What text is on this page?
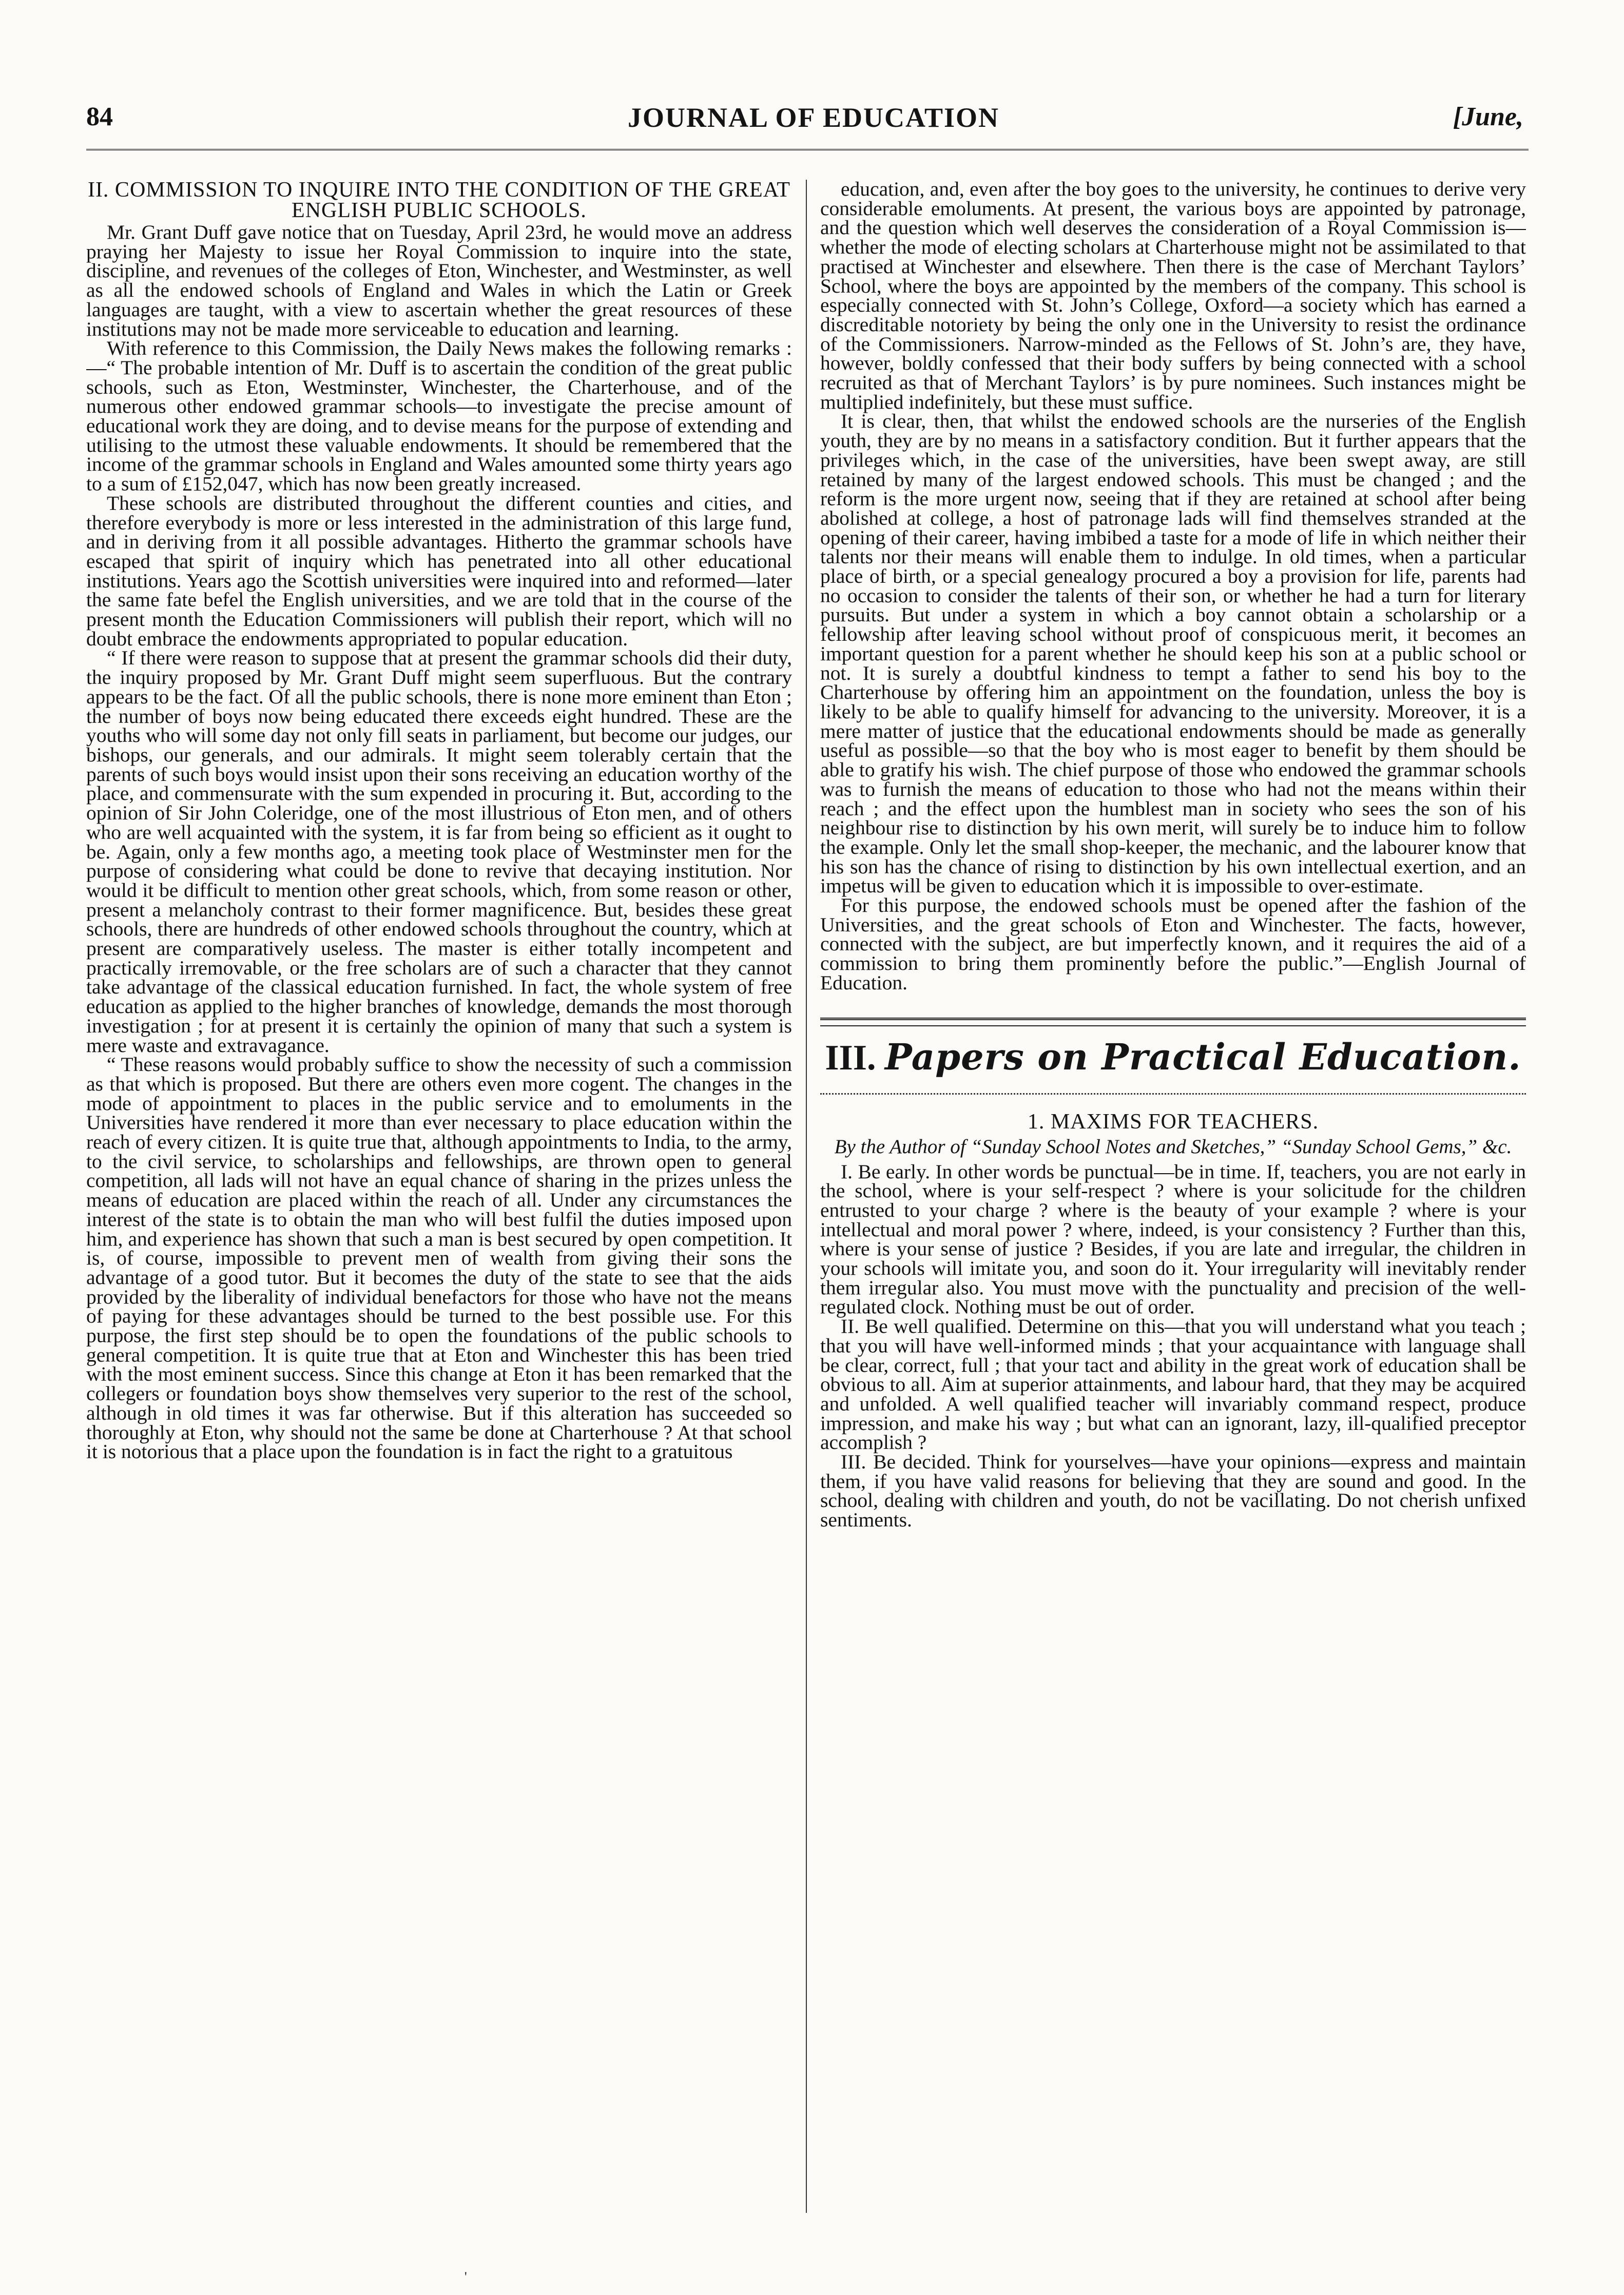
84	JOURNAL OF EDUCATION	[June,
II. COMMISSION TO INQUIRE INTO THE CONDITION OF THE GREAT ENGLISH PUBLIC SCHOOLS.

Mr. Grant Duff gave notice that on Tuesday, April 23rd, he would move an address praying her Majesty to issue her Royal Commission to inquire into the state, discipline, and revenues of the colleges of Eton, Winchester, and Westminster, as well as all the endowed schools of England and Wales in which the Latin or Greek languages are taught, with a view to ascertain whether the great resources of these institutions may not be made more serviceable to education and learning.

With reference to this Commission, the Daily News makes the following remarks :—“ The probable intention of Mr. Duff is to ascertain the condition of the great public schools, such as Eton, Westminster, Winchester, the Charterhouse, and of the numerous other endowed grammar schools—to investigate the precise amount of educational work they are doing, and to devise means for the purpose of extending and utilising to the utmost these valuable endowments. It should be remembered that the income of the grammar schools in England and Wales amounted some thirty years ago to a sum of £152,047, which has now been greatly increased.

These schools are distributed throughout the different counties and cities, and therefore everybody is more or less interested in the administration of this large fund, and in deriving from it all possible advantages. Hitherto the grammar schools have escaped that spirit of inquiry which has penetrated into all other educational institutions. Years ago the Scottish universities were inquired into and reformed—later the same fate befel the English universities, and we are told that in the course of the present month the Education Commissioners will publish their report, which will no doubt embrace the endowments appropriated to popular education.

“ If there were reason to suppose that at present the grammar schools did their duty, the inquiry proposed by Mr. Grant Duff might seem superfluous. But the contrary appears to be the fact. Of all the public schools, there is none more eminent than Eton ; the number of boys now being educated there exceeds eight hundred. These are the youths who will some day not only fill seats in parliament, but become our judges, our bishops, our generals, and our admirals. It might seem tolerably certain that the parents of such boys would insist upon their sons receiving an education worthy of the place, and commensurate with the sum expended in procuring it. But, according to the opinion of Sir John Coleridge, one of the most illustrious of Eton men, and of others who are well acquainted with the system, it is far from being so efficient as it ought to be. Again, only a few months ago, a meeting took place of Westminster men for the purpose of considering what could be done to revive that decaying institution. Nor would it be difficult to mention other great schools, which, from some reason or other, present a melancholy contrast to their former magnificence. But, besides these great schools, there are hundreds of other endowed schools throughout the country, which at present are comparatively useless. The master is either totally incompetent and practically irremovable, or the free scholars are of such a character that they cannot take advantage of the classical education furnished. In fact, the whole system of free education as applied to the higher branches of knowledge, demands the most thorough investigation ; for at present it is certainly the opinion of many that such a system is mere waste and extravagance.

“ These reasons would probably suffice to show the necessity of such a commission as that which is proposed. But there are others even more cogent. The changes in the mode of appointment to places in the public service and to emoluments in the Universities have rendered it more than ever necessary to place education within the reach of every citizen. It is quite true that, although appointments to India, to the army, to the civil service, to scholarships and fellowships, are thrown open to general competition, all lads will not have an equal chance of sharing in the prizes unless the means of education are placed within the reach of all. Under any circumstances the interest of the state is to obtain the man who will best fulfil the duties imposed upon him, and experience has shown that such a man is best secured by open competition. It is, of course, impossible to prevent men of wealth from giving their sons the advantage of a good tutor. But it becomes the duty of the state to see that the aids provided by the liberality of individual benefactors for those who have not the means of paying for these advantages should be turned to the best possible use. For this purpose, the first step should be to open the foundations of the public schools to general competition. It is quite true that at Eton and Winchester this has been tried with the most eminent success. Since this change at Eton it has been remarked that the collegers or foundation boys show themselves very superior to the rest of the school, although in old times it was far otherwise. But if this alteration has succeeded so thoroughly at Eton, why should not the same be done at Charterhouse ? At that school it is notorious that a place upon the foundation is in fact the right to a gratuitous

education, and, even after the boy goes to the university, he continues to derive very considerable emoluments. At present, the various boys are appointed by patronage, and the question which well deserves the consideration of a Royal Commission is—whether the mode of electing scholars at Charterhouse might not be assimilated to that practised at Winchester and elsewhere. Then there is the case of Merchant Taylors’ School, where the boys are appointed by the members of the company. This school is especially connected with St. John’s College, Oxford—a society which has earned a discreditable notoriety by being the only one in the University to resist the ordinance of the Commissioners. Narrow-minded as the Fellows of St. John’s are, they have, however, boldly confessed that their body suffers by being connected with a school recruited as that of Merchant Taylors’ is by pure nominees. Such instances might be multiplied indefinitely, but these must suffice.

It is clear, then, that whilst the endowed schools are the nurseries of the English youth, they are by no means in a satisfactory condition. But it further appears that the privileges which, in the case of the universities, have been swept away, are still retained by many of the largest endowed schools. This must be changed ; and the reform is the more urgent now, seeing that if they are retained at school after being abolished at college, a host of patronage lads will find themselves stranded at the opening of their career, having imbibed a taste for a mode of life in which neither their talents nor their means will enable them to indulge. In old times, when a particular place of birth, or a special genealogy procured a boy a provision for life, parents had no occasion to consider the talents of their son, or whether he had a turn for literary pursuits. But under a system in which a boy cannot obtain a scholarship or a fellowship after leaving school without proof of conspicuous merit, it becomes an important question for a parent whether he should keep his son at a public school or not. It is surely a doubtful kindness to tempt a father to send his boy to the Charterhouse by offering him an appointment on the foundation, unless the boy is likely to be able to qualify himself for advancing to the university. Moreover, it is a mere matter of justice that the educational endowments should be made as generally useful as possible—so that the boy who is most eager to benefit by them should be able to gratify his wish. The chief purpose of those who endowed the grammar schools was to furnish the means of education to those who had not the means within their reach ; and the effect upon the humblest man in society who sees the son of his neighbour rise to distinction by his own merit, will surely be to induce him to follow the example. Only let the small shop-keeper, the mechanic, and the labourer know that his son has the chance of rising to distinction by his own intellectual exertion, and an impetus will be given to education which it is impossible to over-estimate.

For this purpose, the endowed schools must be opened after the fashion of the Universities, and the great schools of Eton and Winchester. The facts, however, connected with the subject, are but imperfectly known, and it requires the aid of a commission to bring them prominently before the public.”—English Journal of Education.

III. Papers on Practical Education.
1. MAXIMS FOR TEACHERS.
By the Author of “Sunday School Notes and Sketches,” “Sunday School Gems,” &c.

I. Be early. In other words be punctual—be in time. If, teachers, you are not early in the school, where is your self-respect ? where is your solicitude for the children entrusted to your charge ? where is the beauty of your example ? where is your intellectual and moral power ? where, indeed, is your consistency ? Further than this, where is your sense of justice ? Besides, if you are late and irregular, the children in your schools will imitate you, and soon do it. Your irregularity will inevitably render them irregular also. You must move with the punctuality and precision of the well-regulated clock. Nothing must be out of order.

II. Be well qualified. Determine on this—that you will understand what you teach ; that you will have well-informed minds ; that your acquaintance with language shall be clear, correct, full ; that your tact and ability in the great work of education shall be obvious to all. Aim at superior attainments, and labour hard, that they may be acquired and unfolded. A well qualified teacher will invariably command respect, produce impression, and make his way ; but what can an ignorant, lazy, ill-qualified preceptor accomplish ?

III. Be decided. Think for yourselves—have your opinions—express and maintain them, if you have valid reasons for believing that they are sound and good. In the school, dealing with children and youth, do not be vacillating. Do not cherish unfixed sentiments.

'
